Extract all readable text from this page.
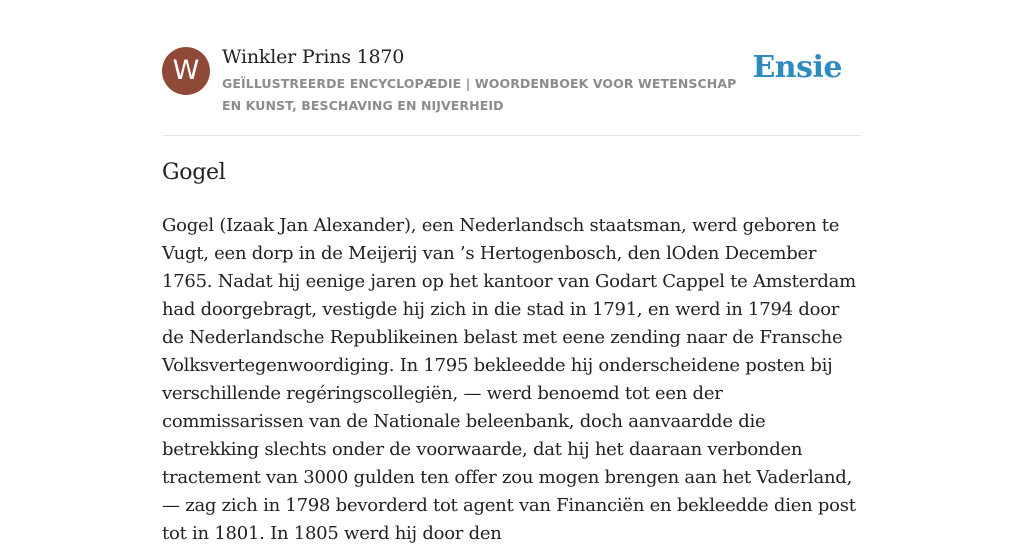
W	Winkler Prins 1870
GEÏLLUSTREERDE ENCYCLOPÆDIE | WOORDENBOEK VOOR WETENSCHAP EN KUNST, BESCHAVING EN NIJVERHEID
Ensie
Gogel

Gogel (Izaak Jan Alexander), een Nederlandsch staatsman, werd geboren te Vugt, een dorp in de Meijerij van ’s Hertogenbosch, den lOden December 1765. Nadat hij eenige jaren op het kantoor van Godart Cappel te Amsterdam had doorgebragt, vestigde hij zich in die stad in 1791, en werd in 1794 door de Nederlandsche Republikeinen belast met eene zending naar de Fransche Volksvertegenwoordiging. In 1795 bekleedde hij onderscheidene posten bij verschillende regéringscollegiën, — werd benoemd tot een der commissarissen van de Nationale beleenbank, doch aanvaardde die betrekking slechts onder de voorwaarde, dat hij het daaraan verbonden tractement van 3000 gulden ten offer zou mogen brengen aan het Vaderland, — zag zich in 1798 bevorderd tot agent van Financiën en bekleedde dien post tot in 1801. In 1805 werd hij door den
